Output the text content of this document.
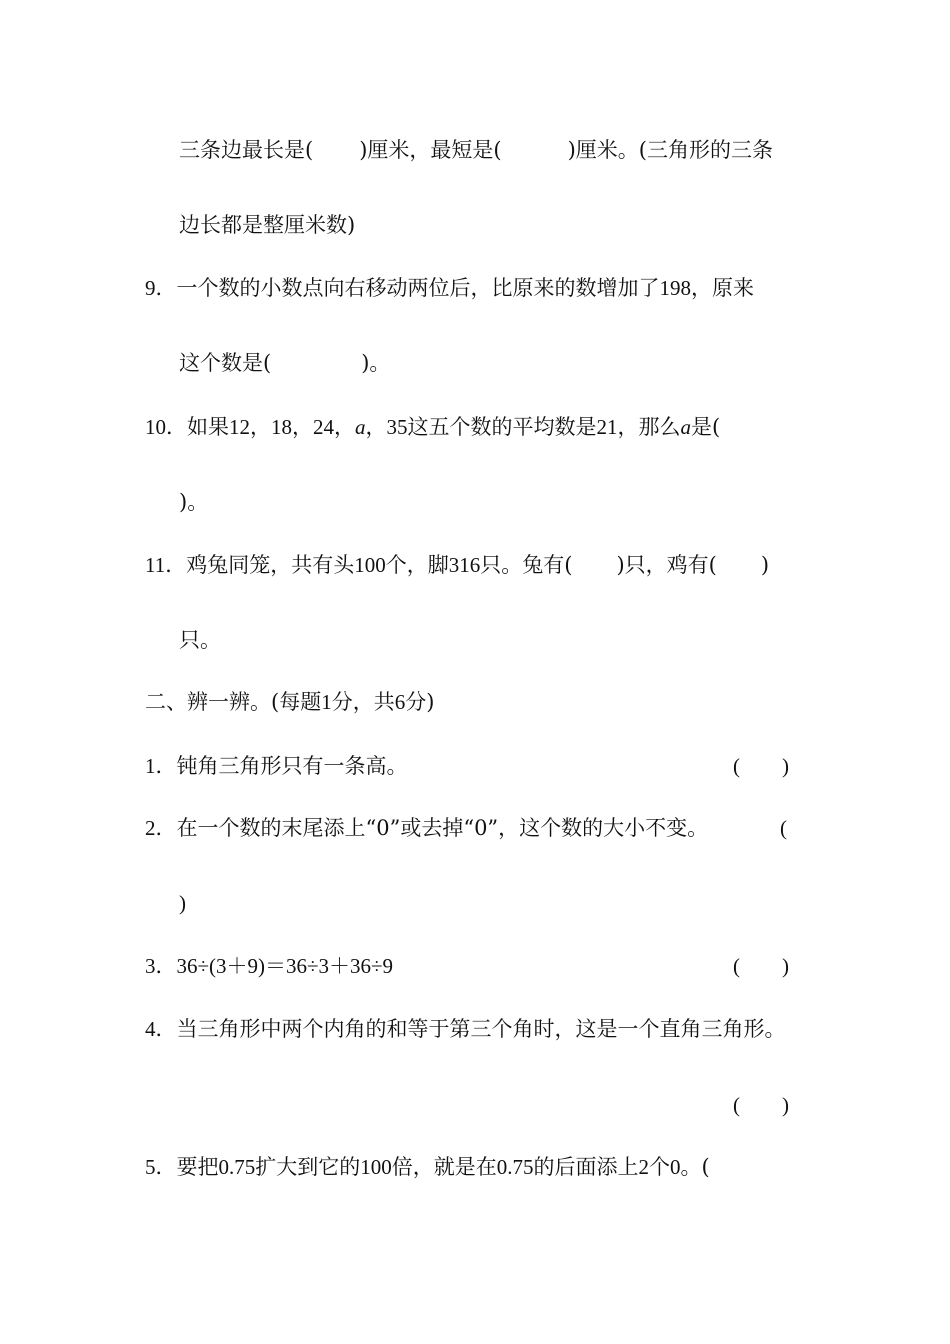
三条边最长是( )厘米，最短是(	)厘米。(三角形的三条
边长都是整厘米数)
9．一个数的小数点向右移动两位后，比原来的数增加了198，原来
这个数是(	)。
10．如果12，18，24，a，35这五个数的平均数是21，那么a是(
)。
11．鸡兔同笼，共有头100个，脚316只。兔有( )只，鸡有( )
只。
二、辨一辨。(每题1分，共6分)
1．钝角三角形只有一条高。	(　　)
2．在一个数的末尾添上“0”或去掉“0”，这个数的大小不变。	(
)
3．36÷(3＋9)＝36÷3＋36÷9	(　　)
4．当三角形中两个内角的和等于第三个角时，这是一个直角三角形。
(　　)
5．要把0.75扩大到它的100倍，就是在0.75的后面添上2个0。(
